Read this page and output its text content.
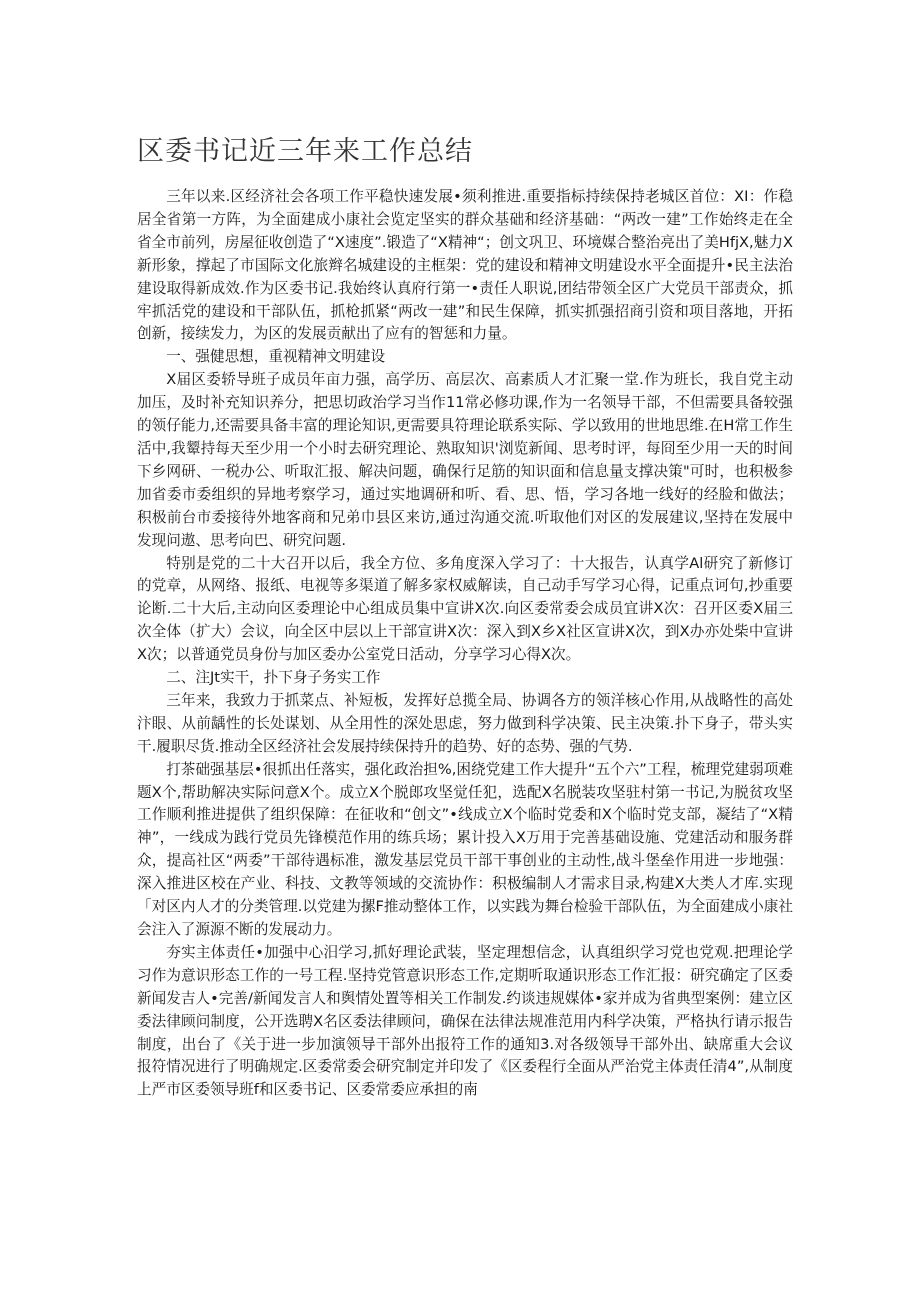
区委书记近三年来工作总结

三年以来.区经济社会各项工作平稳快速发展•须利推进.重要指标持续保持老城区首位：XI：作稳居全省第一方阵，为全面建成小康社会览定坚实的群众基础和经济基础：“两改一建”工作始终走在全省全市前列，房屋征收创造了“X速度”.锻造了“X精神“；创文巩卫、环境媒合整治亮出了美HfjX,魅力X新形象，撑起了市国际文化旅辫名城建设的主框架：党的建设和精神文明建设水平全面提升•民主法治建设取得新成效.作为区委书记.我始终认真府行第一•责任人职说,团结带领全区广大党员干部责众，抓牢抓活党的建设和干部队伍，抓枪抓紧“两改一建”和民生保障，抓实抓强招商引资和项目落地，开拓创新，接续发力，为区的发展贡献出了应有的智惩和力量。

一、强健思想，重视精神文明建设

X届区委轿导班子成员年亩力强，高学历、高层次、高素质人才汇聚一堂.作为班长，我自党主动加压，及时补充知识养分，把思切政治学习当作11常必修功课,作为一名领导干部，不但需要具备较强的领仔能力,还需要具备丰富的理论知识,更需要具符理论联系实际、学以致用的世地思维.在H常工作生活中,我颦持每天至少用一个小时去研究理论、熟取知识'浏览新闻、思考时评，每冏至少用一天的时间下乡网研、一税办公、听取汇报、解决问题，确保行足筋的知识面和信息量支撑决策"可时，也积极参加省委市委组织的异地考察学习，通过实地调研和听、看、思、悟，学习各地一线好的经脸和做法；积极前台市委接待外地客商和兄弟巾县区来访,通过沟通交流.听取他们对区的发展建议,坚持在发展中发现问遨、思考向巴、研究问题.

特别是党的二十大召开以后，我全方位、多角度深入学习了：十大报告，认真学Al研究了新修订的党章，从网络、报纸、电视等多渠道了解多家权威解读，自己动手写学习心得，记重点诃句,抄重要论断.二十大后,主动向区委理论中心组成员集中宣讲X次.向区委常委会成员宜讲X次：召开区委X届三次全体（扩大）会议，向全区中层以上干部宣讲X次：深入到X乡X社区宣讲X次，到X办亦处柴中宣讲X次；以普通党员身份与加区委办公室党日活动，分享学习心得X次。

二、注Jt实干，扑下身子务实工作

三年来，我致力于抓菜点、补短板，发挥好总揽全局、协调各方的领洋核心作用,从战略性的高处汴眼、从前龋性的长处谋划、从全用性的深处思虑，努力做到科学决策、民主决策.扑下身子，带头实干.履职尽货.推动全区经济社会发展持续保持升的趋势、好的态势、强的气势.

打茶础强基层•很抓出任落实，强化政治担%,困绕党建工作大提升“五个六”工程，梳理党建弱项难题X个,帮助解决实际问意X个。成立X个脱郎攻坚觉任犯，选配X名脱装攻坚驻村第一书记,为脱贫攻坚工作顺利推进提供了组织保障：在征收和“创文”•线成立X个临时党委和X个临时党支部，凝结了“X精神”，一线成为践行党员先锋模范作用的练兵场；累计投入X万用于完善基础设施、党建活动和服务群众，提高社区“两委”干部待遇标准，激发基层党员干部干事创业的主动性,战斗堡垒作用进一步地强：深入推进区校在产业、科技、文教等领域的交流协作：积极编制人才需求目录,构建X大类人才库.实现「对区内人才的分类管理.以党建为摞F推动整体工作，以实践为舞台检验干部队伍，为全面建成小康社会注入了源源不断的发展动力。

夯实主体责任•加强中心汨学习,抓好理论武装，坚定理想信念，认真组织学习党也党观.把理论学习作为意识形态工作的一号工程.坚持党管意识形态工作,定期听取通识形态工作汇报：研究确定了区委新闻发吉人•完善/新闻发言人和舆情处置等相关工作制发.约谈违规媒体•家并成为省典型案例：建立区委法律顾问制度，公开选聘X名区委法律顾问，确保在法律法规准范用内科学决策，严格执行请示报告制度，出台了《关于进一步加演领导干部外出报符工作的通知3.对各级领导干部外出、缺席重大会议报符情况进行了明确规定.区委常委会研究制定并印发了《区委程行全面从严治党主体责任清4”,从制度上严市区委领导班f和区委书记、区委常委应承担的南
